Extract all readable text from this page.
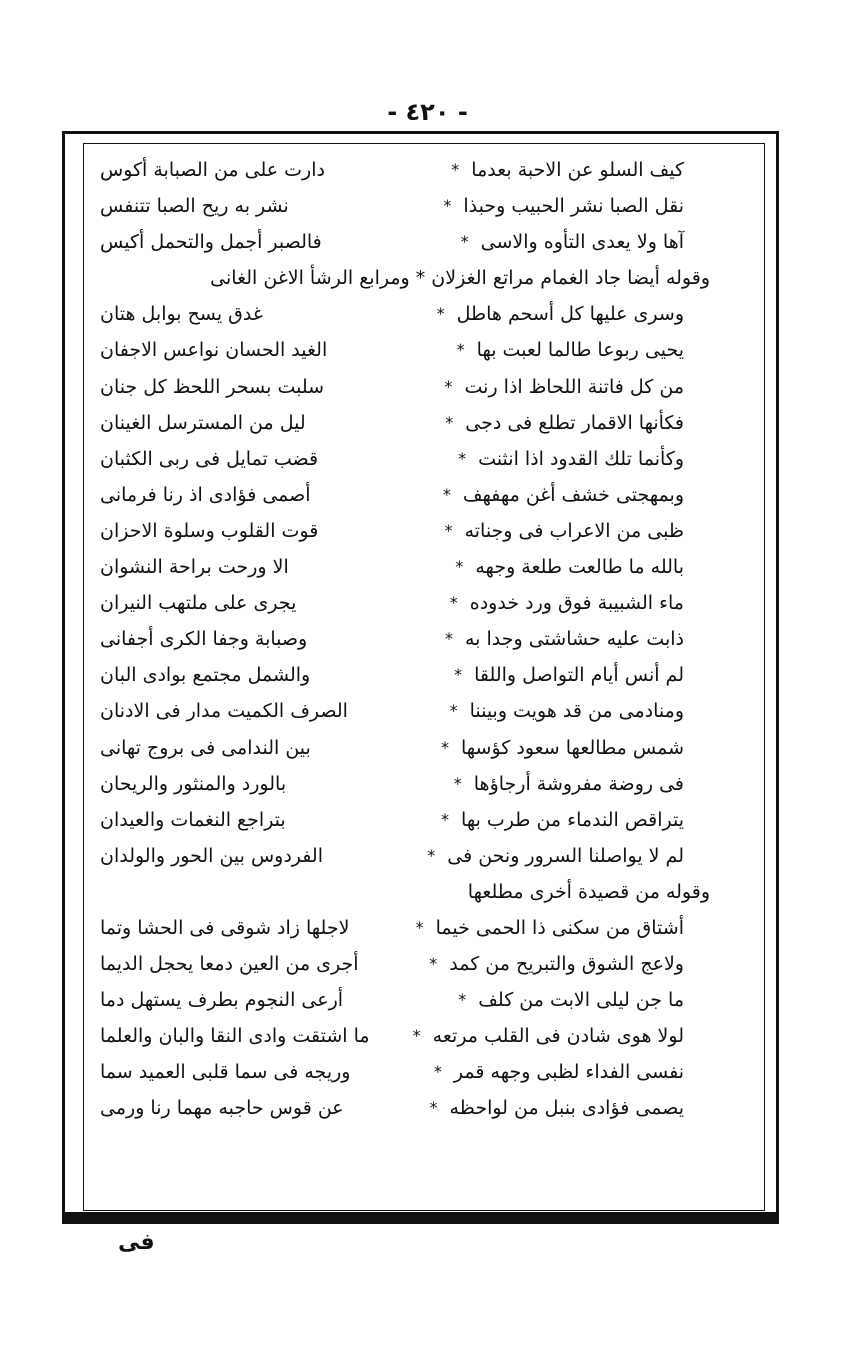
- ٤٢٠ -
كيف السلو عن الاحبة بعدما
*
دارت على من الصبابة أكوس
نقل الصبا نشر الحبيب وحبذا
*
نشر به ريح الصبا تتنفس
آها ولا يعدى التأوه والاسى
*
فالصبر أجمل والتحمل أكيس
وقوله أيضا جاد الغمام مراتع الغزلان * ومرابع الرشأ الاغن الغانى
وسرى عليها كل أسحم هاطل
*
غدق يسح بوابل هتان
يحيى ربوعا طالما لعبت بها
*
الغيد الحسان نواعس الاجفان
من كل فاتنة اللحاظ اذا رنت
*
سلبت بسحر اللحظ كل جنان
فكأنها الاقمار تطلع فى دجى
*
ليل من المسترسل الغينان
وكأنما تلك القدود اذا انثنت
*
قضب تمايل فى ربى الكثبان
وبمهجتى خشف أغن مهفهف
*
أصمى فؤادى اذ رنا فرمانى
ظبى من الاعراب فى وجناته
*
قوت القلوب وسلوة الاحزان
بالله ما طالعت طلعة وجهه
*
الا ورحت براحة النشوان
ماء الشبيبة فوق ورد خدوده
*
يجرى على ملتهب النيران
ذابت عليه حشاشتى وجدا به
*
وصبابة وجفا الكرى أجفانى
لم أنس أيام التواصل واللقا
*
والشمل مجتمع بوادى البان
ومنادمى من قد هويت وبيننا
*
الصرف الكميت مدار فى الادنان
شمس مطالعها سعود كؤسها
*
بين الندامى فى بروج تهانى
فى روضة مفروشة أرجاؤها
*
بالورد والمنثور والريحان
يتراقص الندماء من طرب بها
*
بتراجع النغمات والعيدان
لم لا يواصلنا السرور ونحن فى
*
الفردوس بين الحور والولدان
وقوله من قصيدة أخرى مطلعها
أشتاق من سكنى ذا الحمى خيما
*
لاجلها زاد شوقى فى الحشا وتما
ولاعج الشوق والتبريح من كمد
*
أجرى من العين دمعا يحجل الديما
ما جن ليلى الابت من كلف
*
أرعى النجوم بطرف يستهل دما
لولا هوى شادن فى القلب مرتعه
*
ما اشتقت وادى النقا والبان والعلما
نفسى الفداء لظبى وجهه قمر
*
وريجه فى سما قلبى العميد سما
يصمى فؤادى بنبل من لواحظه
*
عن قوس حاجبه مهما رنا ورمى
فى
